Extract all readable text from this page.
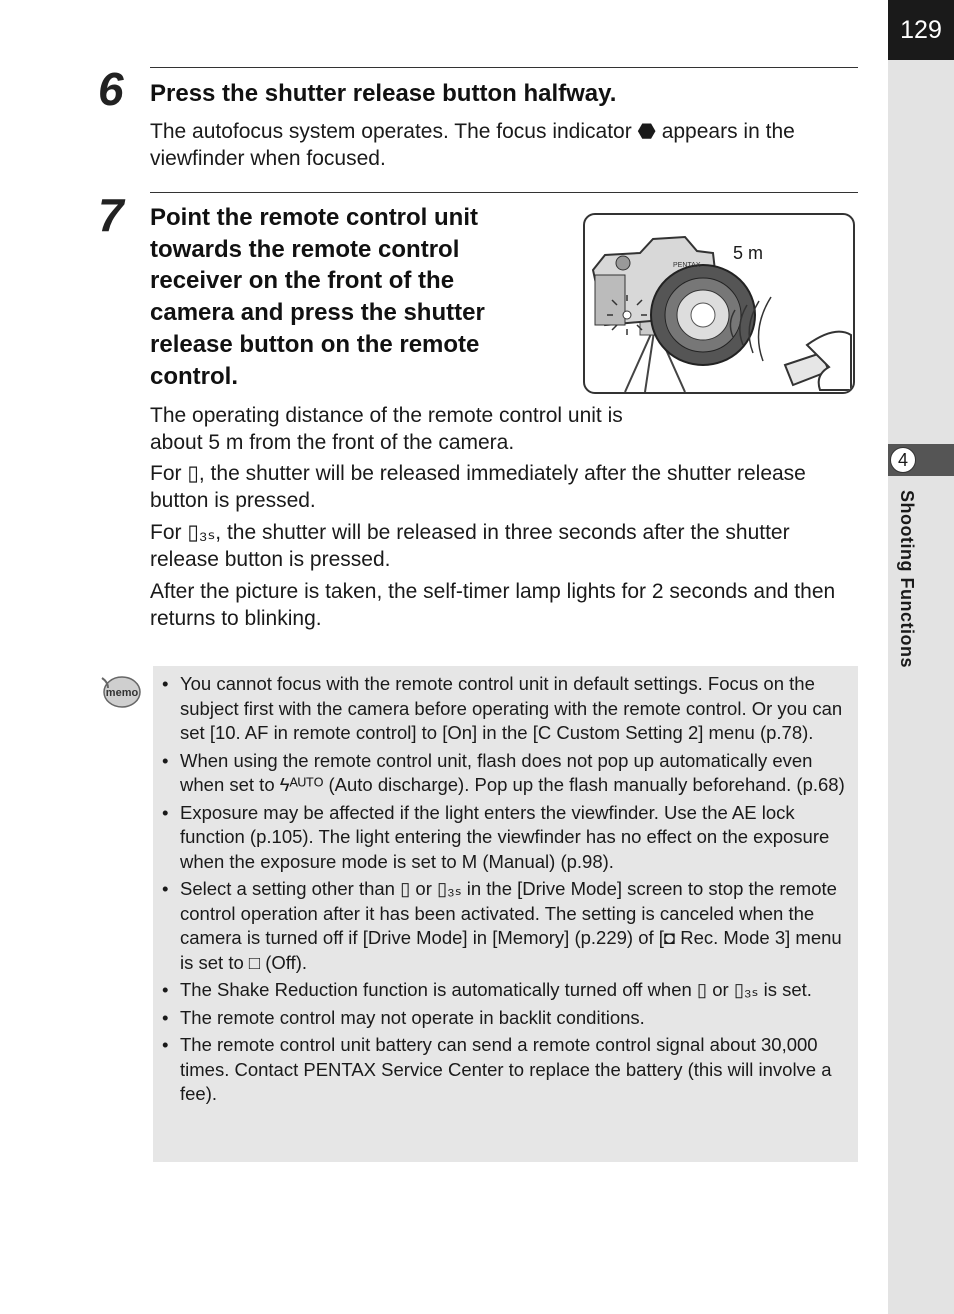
129
4
Shooting Functions
6 Press the shutter release button halfway.

The autofocus system operates. The focus indicator ⬣ appears in the viewfinder when focused.

7 Point the remote control unit
towards the remote control
receiver on the front of the
camera and press the shutter
release button on the remote
control.
PENTAX
5 m

The operating distance of the remote control unit is about 5 m from the front of the camera.

For ▯, the shutter will be released immediately after the shutter release button is pressed.

For ▯₃ₛ, the shutter will be released in three seconds after the shutter release button is pressed.

After the picture is taken, the self-timer lamp lights for 2 seconds and then returns to blinking.

memo
•	You cannot focus with the remote control unit in default settings. Focus on the subject first with the camera before operating with the remote control. Or you can set [10. AF in remote control] to [On] in the [C Custom Setting 2] menu (p.78).
• When using the remote control unit, flash does not pop up automatically even when set to ϟᴬᵁᵀᴼ (Auto discharge). Pop up the flash manually beforehand. (p.68)
• Exposure may be affected if the light enters the viewfinder. Use the AE lock function (p.105). The light entering the viewfinder has no effect on the exposure when the exposure mode is set to M (Manual) (p.98).
• Select a setting other than ▯ or ▯₃ₛ in the [Drive Mode] screen to stop the remote control operation after it has been activated. The setting is canceled when the camera is turned off if [Drive Mode] in [Memory] (p.229) of [◘ Rec. Mode 3] menu is set to □ (Off).
• The Shake Reduction function is automatically turned off when ▯ or ▯₃ₛ is set.
• The remote control may not operate in backlit conditions.
• The remote control unit battery can send a remote control signal about 30,000 times. Contact PENTAX Service Center to replace the battery (this will involve a fee).
